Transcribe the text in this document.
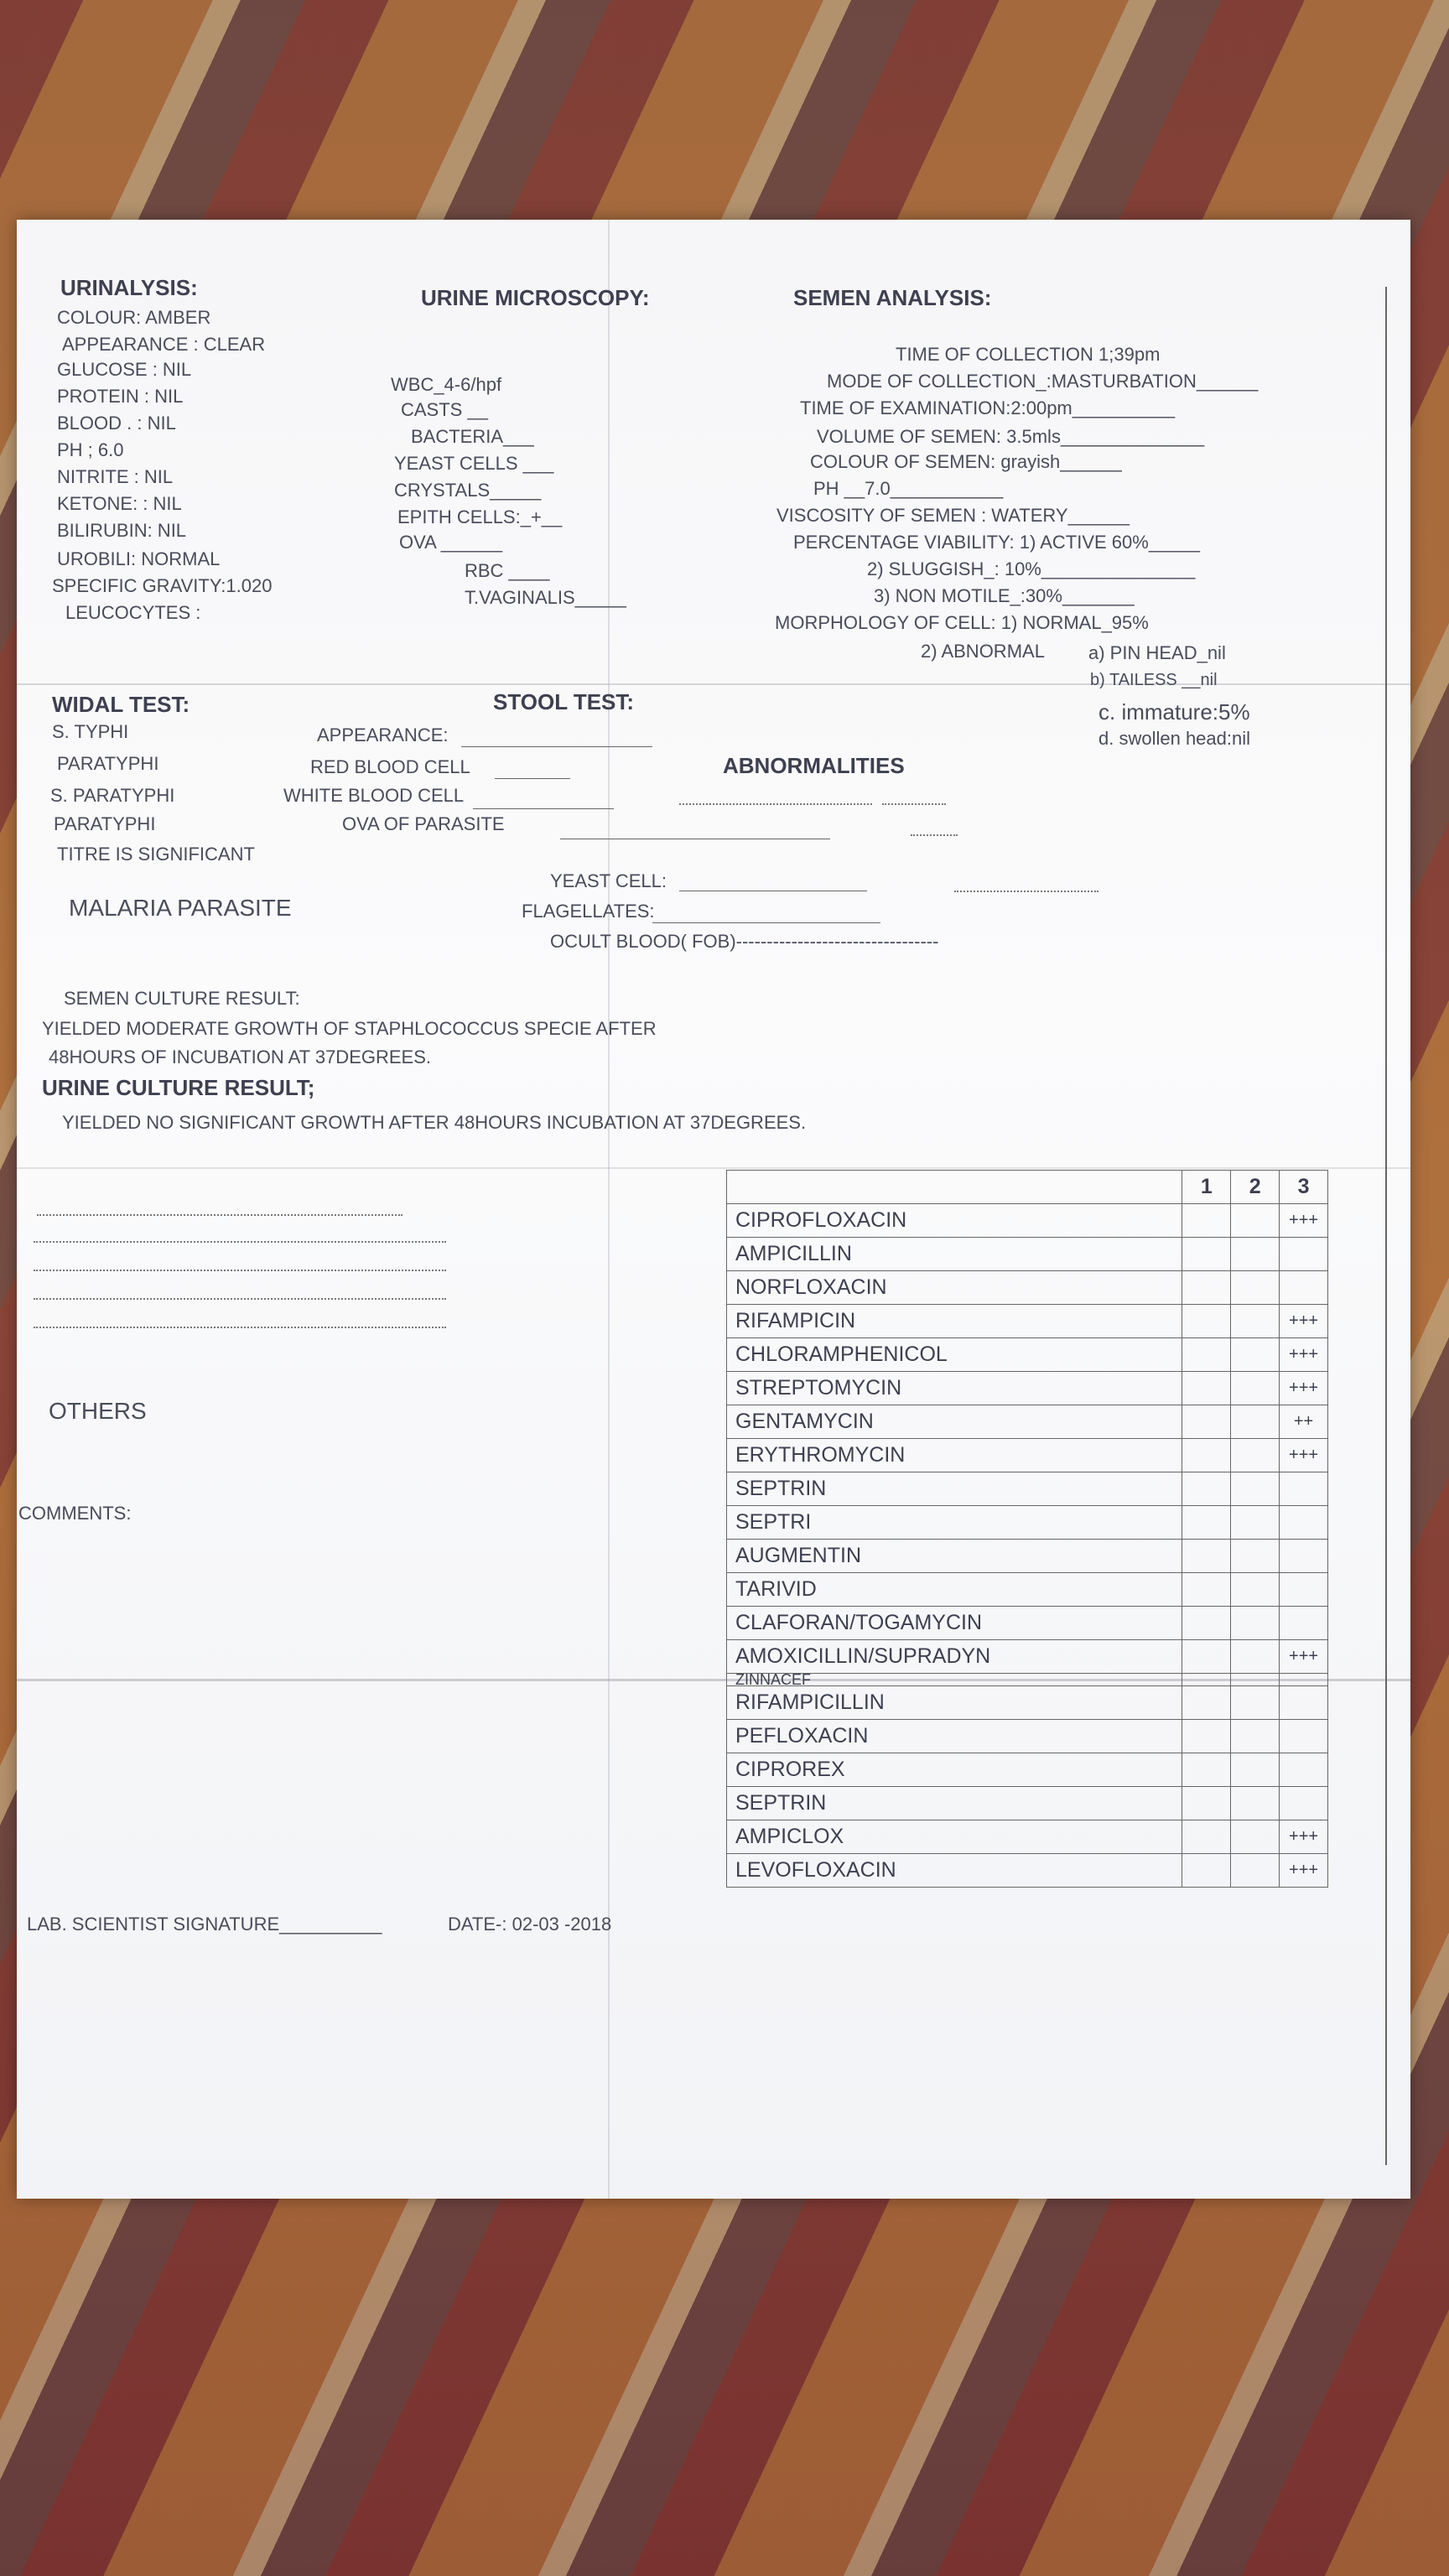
URINALYSIS:
COLOUR: AMBER
APPEARANCE : CLEAR
GLUCOSE : NIL
PROTEIN : NIL
BLOOD . : NIL
PH ; 6.0
NITRITE : NIL
KETONE: : NIL
BILIRUBIN: NIL
UROBILI: NORMAL
SPECIFIC GRAVITY:1.020
LEUCOCYTES :
URINE MICROSCOPY:
WBC_4-6/hpf
CASTS __
BACTERIA___
YEAST CELLS ___
CRYSTALS_____
EPITH CELLS:_+__
OVA ______
RBC ____
T.VAGINALIS_____
SEMEN ANALYSIS:
TIME OF COLLECTION 1;39pm
MODE OF COLLECTION_:MASTURBATION______
TIME OF EXAMINATION:2:00pm__________
VOLUME OF SEMEN: 3.5mls______________
COLOUR OF SEMEN: grayish______
PH __7.0___________
VISCOSITY OF SEMEN : WATERY______
PERCENTAGE VIABILITY: 1) ACTIVE 60%_____
2) SLUGGISH_: 10%_______________
3) NON MOTILE_:30%_______
MORPHOLOGY OF CELL: 1) NORMAL_95%
2) ABNORMAL a) PIN HEAD_nil
b) TAILESS __nil
c. immature:5%
d. swollen head:nil
WIDAL TEST:
S. TYPHI
PARATYPHI
S. PARATYPHI
PARATYPHI
TITRE IS SIGNIFICANT
STOOL TEST:
APPEARANCE:
RED BLOOD CELL
WHITE BLOOD CELL
OVA OF PARASITE
YEAST CELL:
FLAGELLATES:
OCULT BLOOD( FOB)---------------------------------
ABNORMALITIES
MALARIA PARASITE
SEMEN CULTURE RESULT:
YIELDED MODERATE GROWTH OF STAPHLOCOCCUS SPECIE AFTER
48HOURS OF INCUBATION AT 37DEGREES.
URINE CULTURE RESULT;
YIELDED NO SIGNIFICANT GROWTH AFTER 48HOURS INCUBATION AT 37DEGREES.
OTHERS
COMMENTS:
	1	2	3
CIPROFLOXACIN			+++
AMPICILLIN			
NORFLOXACIN			
RIFAMPICIN			+++
CHLORAMPHENICOL			+++
STREPTOMYCIN			+++
GENTAMYCIN			++
ERYTHROMYCIN			+++
SEPTRIN			
SEPTRI			
AUGMENTIN			
TARIVID			
CLAFORAN/TOGAMYCIN			
AMOXICILLIN/SUPRADYN			+++
ZINNACEF			
RIFAMPICILLIN			
PEFLOXACIN			
CIPROREX			
SEPTRIN			
AMPICLOX			+++
LEVOFLOXACIN			+++
LAB. SCIENTIST SIGNATURE__________	DATE-: 02-03 -2018
